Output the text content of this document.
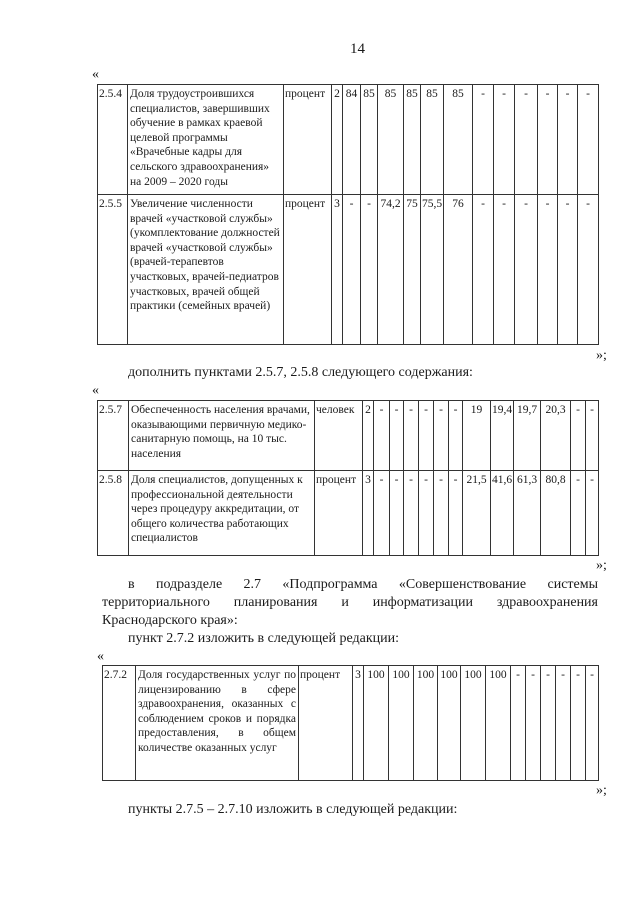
14
«
2.5.4	Доля трудоустроившихся специалистов, завершивших обучение в рамках краевой целевой программы «Врачебные кадры для сельского здравоохранения» на 2009 – 2020 годы	процент	2	84	85	85	85	85	85	-	-	-	-	-	-
2.5.5	Увеличение численности врачей «участковой службы» (укомплектование должностей врачей «участковой службы» (врачей-терапевтов участковых, врачей-педиатров участковых, врачей общей практики (семейных врачей)	процент	3	-	-	74,2	75	75,5	76	-	-	-	-	-	-
»;
дополнить пунктами 2.5.7, 2.5.8 следующего содержания:
«
2.5.7	Обеспеченность населения врачами, оказывающими первичную медико-санитарную помощь, на 10 тыс. населения	человек	2	-	-	-	-	-	-	19	19,4	19,7	20,3	-	-
2.5.8	Доля специалистов, допущенных к профессиональной деятельности через процедуру аккредитации, от общего количества работающих специалистов	процент	3	-	-	-	-	-	-	21,5	41,6	61,3	80,8	-	-
»;
в подразделе 2.7 «Подпрограмма «Совершенствование системы территориального планирования и информатизации здравоохранения Краснодарского края»:
пункт 2.7.2 изложить в следующей редакции:
«
2.7.2	Доля государственных услуг по лицензированию в сфере здравоохранения, оказанных с соблюдением сроков и порядка предоставления, в общем количестве оказанных услуг	процент	3	100	100	100	100	100	100	-	-	-	-	-	-
»;
пункты 2.7.5 – 2.7.10 изложить в следующей редакции:
